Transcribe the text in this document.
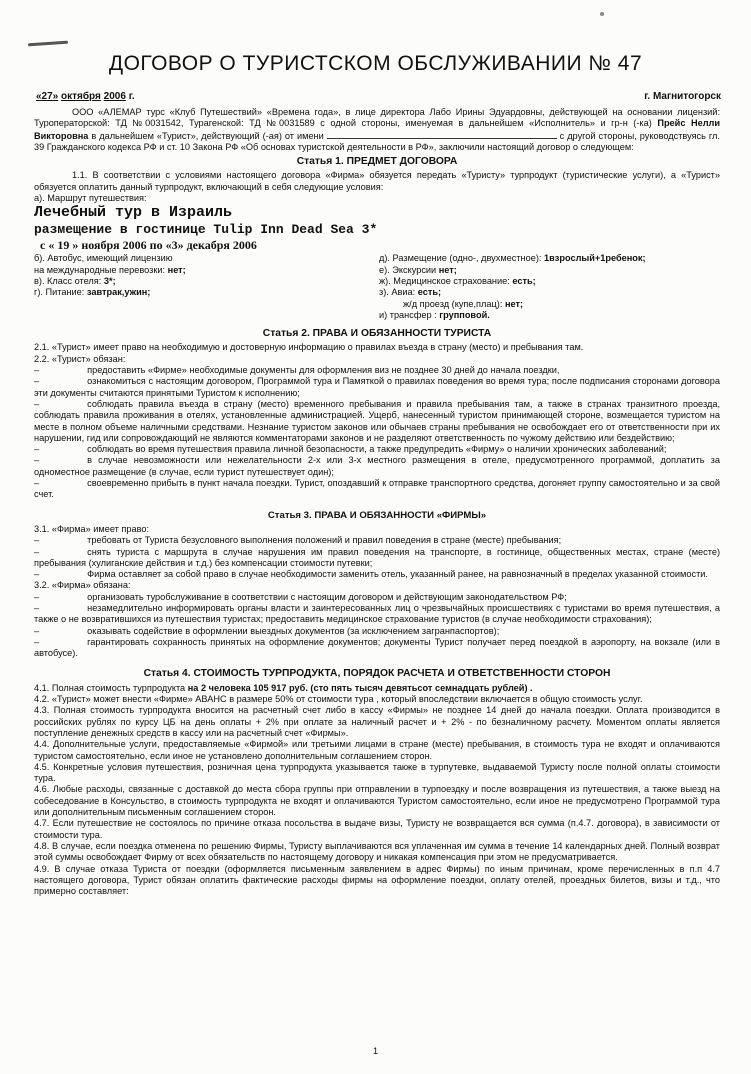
ДОГОВОР О ТУРИСТСКОМ ОБСЛУЖИВАНИИ № 47
«27» октября 2006 г.	г. Магнитогорск

ООО «АЛЕМАР турс «Клуб Путешествий» «Времена года», в лице директора Лабо Ирины Эдуардовны, действующей на основании лицензий: Туроператорской: ТД №0031542, Турагенской: ТД №0031589 с одной стороны, именуемая в дальнейшем «Исполнитель» и гр-н (-ка) Прейс Нелли Викторовна в дальнейшем «Турист», действующий (-ая) от имени	с другой стороны, руководствуясь гл. 39 Гражданского кодекса РФ и ст. 10 Закона РФ «Об основах туристской деятельности в РФ», заключили настоящий договор о следующем:

Статья 1. ПРЕДМЕТ ДОГОВОРА

1.1. В соответствии с условиями настоящего договора «Фирма» обязуется передать «Туристу» турпродукт (туристические услуги), а «Турист» обязуется оплатить данный турпродукт, включающий в себя следующие условия:

а). Маршрут путешествия:

Лечебный тур в Израиль

размещение в гостинице Tulip Inn Dead Sea 3*

с « 19 » ноября 2006 по «3» декабря 2006

б). Автобус, имеющий лицензию

на международные перевозки: нет;

в). Класс отеля: 3*;

г). Питание: завтрак,ужин;

д). Размещение (одно-, двухместное): 1взрослый+1ребенок;

е). Экскурсии нет;

ж). Медицинское страхование: есть;

з). Авиа: есть;

ж/д проезд (купе,плац): нет;

и) трансфер : групповой.

Статья 2. ПРАВА И ОБЯЗАННОСТИ ТУРИСТА

2.1. «Турист» имеет право на необходимую и достоверную информацию о правилах въезда в страну (место) и пребывания там.

2.2. «Турист» обязан:

–	предоставить «Фирме» необходимые документы для оформления виз не позднее 30 дней до начала поездки,

–	ознакомиться с настоящим договором, Программой тура и Памяткой о правилах поведения во время тура; после подписания сторонами договора эти документы считаются принятыми Туристом к исполнению;

–	соблюдать правила въезда в страну (место) временного пребывания и правила пребывания там, а также в странах транзитного проезда, соблюдать правила проживания в отелях, установленные администрацией. Ущерб, нанесенный туристом принимающей стороне, возмещается туристом на месте в полном объеме наличными средствами. Незнание туристом законов или обычаев страны пребывания не освобождает его от ответственности при их нарушении, гид или сопровождающий не являются комментаторами законов и не разделяют ответственность по чужому действию или бездействию;

–	соблюдать во время путешествия правила личной безопасности, а также предупредить «Фирму» о наличии хронических заболеваний;

–	в случае невозможности или нежелательности 2-х или 3-х местного размещения в отеле, предусмотренного программой, доплатить за одноместное размещение (в случае, если турист путешествует один);

–	своевременно прибыть в пункт начала поездки. Турист, опоздавший к отправке транспортного средства, догоняет группу самостоятельно и за свой счет.

Статья 3. ПРАВА И ОБЯЗАННОСТИ «ФИРМЫ»

3.1. «Фирма» имеет право:

–	требовать от Туриста безусловного выполнения положений и правил поведения в стране (месте) пребывания;

–	снять туриста с маршрута в случае нарушения им правил поведения на транспорте, в гостинице, общественных местах, стране (месте) пребывания (хулиганские действия и т.д.) без компенсации стоимости путевки;

–	Фирма оставляет за собой право в случае необходимости заменить отель, указанный ранее, на равнозначный в пределах указанной стоимости.

3.2. «Фирма» обязана:

–	организовать туробслуживание в соответствии с настоящим договором и действующим законодательством РФ;

–	незамедлительно информировать органы власти и заинтересованных лиц о чрезвычайных происшествиях с туристами во время путешествия, а также о не возвратившихся из путешествия туристах; предоставить медицинское страхование туристов (в случае необходимости страхования);

–	оказывать содействие в оформлении выездных документов (за исключением загранпаспортов);

–	гарантировать сохранность принятых на оформление документов; документы Турист получает перед поездкой в аэропорту, на вокзале (или в автобусе).

Статья 4. СТОИМОСТЬ ТУРПРОДУКТА, ПОРЯДОК РАСЧЕТА И ОТВЕТСТВЕННОСТИ СТОРОН

4.1. Полная стоимость турпродукта на 2 человека 105 917 руб. (сто пять тысяч девятьсот семнадцать рублей) .

4.2. «Турист» может внести «Фирме» АВАНС в размере 50% от стоимости тура , который впоследствии включается в общую стоимость услуг.

4.3. Полная стоимость турпродукта вносится на расчетный счет либо в кассу «Фирмы» не позднее 14 дней до начала поездки. Оплата производится в российских рублях по курсу ЦБ на день оплаты + 2% при оплате за наличный расчет и + 2% - по безналичному расчету. Моментом оплаты является поступление денежных средств в кассу или на расчетный счет «Фирмы».

4.4. Дополнительные услуги, предоставляемые «Фирмой» или третьими лицами в стране (месте) пребывания, в стоимость тура не входят и оплачиваются туристом самостоятельно, если иное не установлено дополнительным соглашением сторон.

4.5. Конкретные условия путешествия, розничная цена турпродукта указывается также в турпутевке, выдаваемой Туристу после полной оплаты стоимости тура.

4.6. Любые расходы, связанные с доставкой до места сбора группы при отправлении в турпоездку и после возвращения из путешествия, а также выезд на собеседование в Консульство, в стоимость турпродукта не входят и оплачиваются Туристом самостоятельно, если иное не предусмотрено Программой тура или дополнительным письменным соглашением сторон.

4.7. Если путешествие не состоялось по причине отказа посольства в выдаче визы, Туристу не возвращается вся сумма (п.4.7. договора), в зависимости от стоимости тура.

4.8. В случае, если поездка отменена по решению Фирмы, Туристу выплачиваются вся уплаченная им сумма в течение 14 календарных дней. Полный возврат этой суммы освобождает Фирму от всех обязательств по настоящему договору и никакая компенсация при этом не предусматривается.

4.9. В случае отказа Туриста от поездки (оформляется письменным заявлением в адрес Фирмы) по иным причинам, кроме перечисленных в п.п 4.7 настоящего договора, Турист обязан оплатить фактические расходы фирмы на оформление поездки, оплату отелей, проездных билетов, визы и т.д., что примерно составляет:

1
